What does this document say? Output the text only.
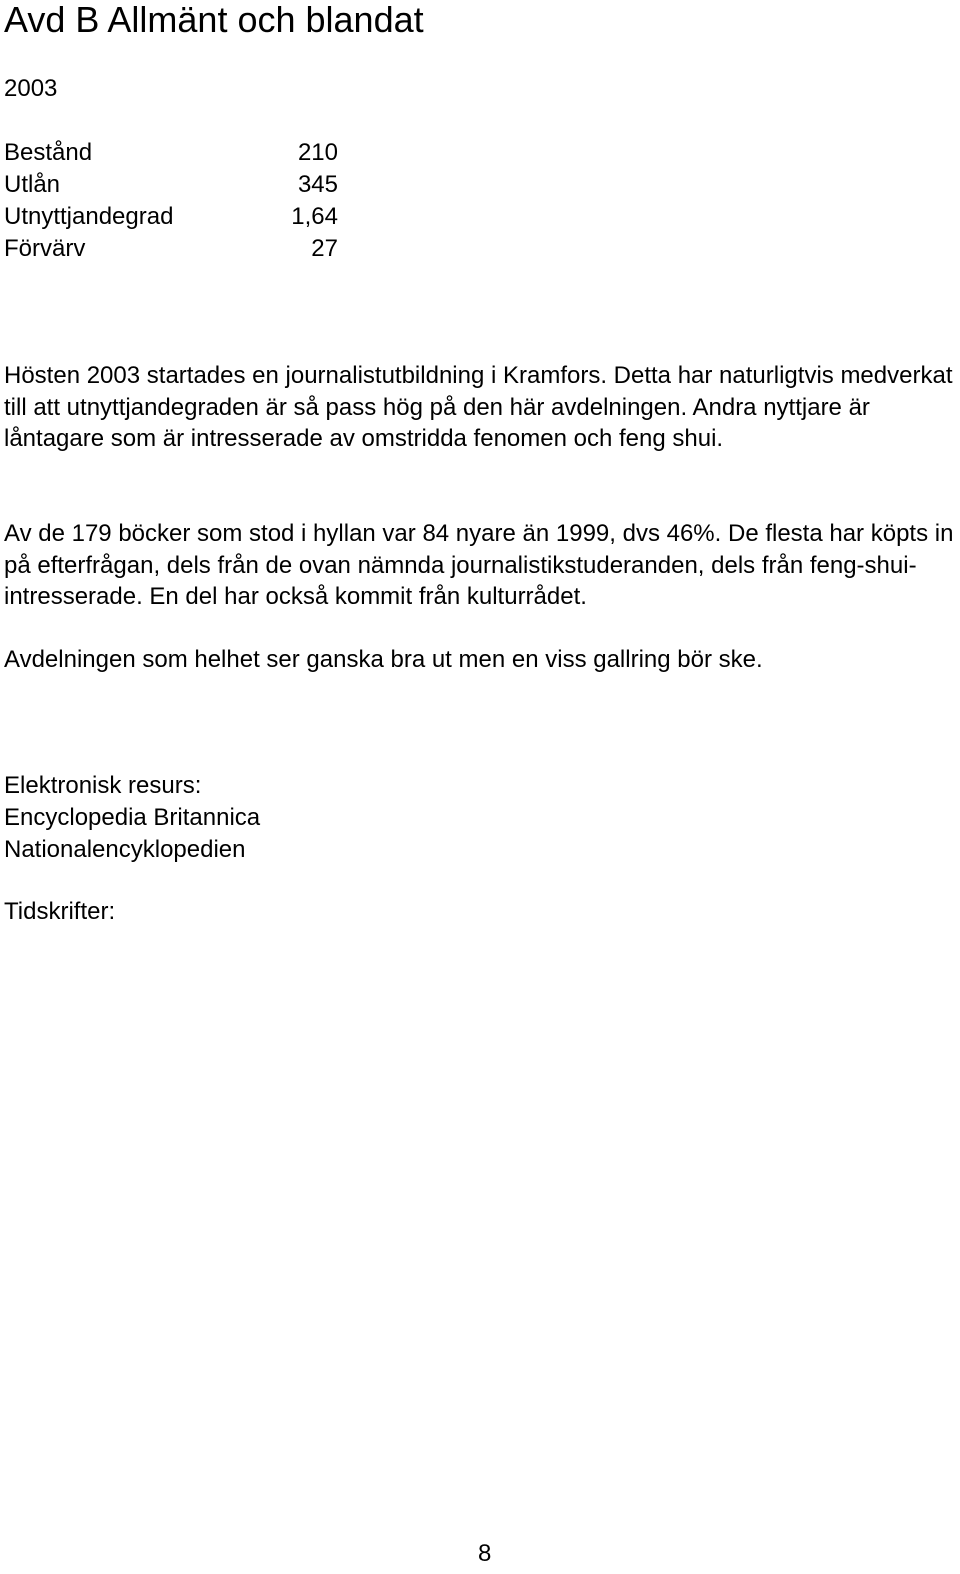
Avd B Allmänt och blandat
2003
Bestånd	210
Utlån	345
Utnyttjandegrad	1,64
Förvärv	27

Hösten 2003 startades en journalistutbildning i Kramfors. Detta har naturligtvis medverkat till att utnyttjandegraden är så pass hög på den här avdelningen. Andra nyttjare är låntagare som är intresserade av omstridda fenomen och feng shui.

Av de 179 böcker som stod i hyllan var 84 nyare än 1999, dvs 46%. De flesta har köpts in på efterfrågan, dels från de ovan nämnda journalistikstuderanden, dels från feng-shui-intresserade. En del har också kommit från kulturrådet.

Avdelningen som helhet ser ganska bra ut men en viss gallring bör ske.

Elektronisk resurs:
Encyclopedia Britannica
Nationalencyklopedien
Tidskrifter:
8
